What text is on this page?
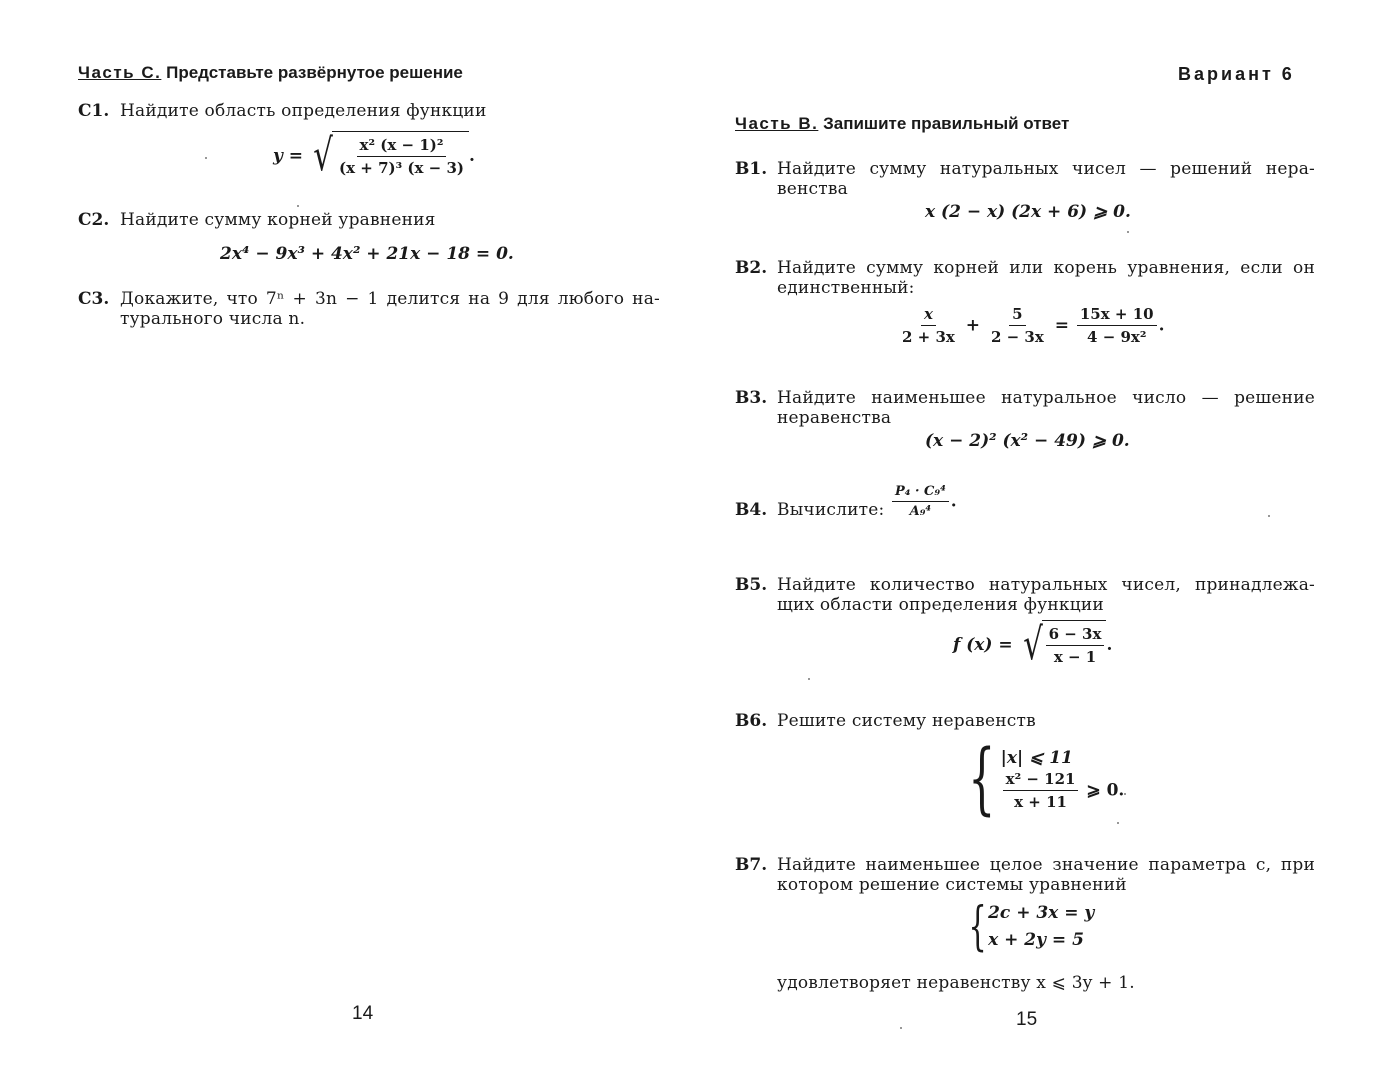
Часть С. Представьте развёрнутое решение
С1. Найдите область определения функции
y = √ $\frac{\text{x² (x − 1)²}}{\text{(x + 7)³ (x − 3)}}$ .
С2. Найдите сумму корней уравнения
2x⁴ − 9x³ + 4x² + 21x − 18 = 0.
С3. Докажите, что 7ⁿ + 3n − 1 делится на 9 для любого на-
турального числа n.
14
Вариант 6
Часть В. Запишите правильный ответ
В1. Найдите сумму натуральных чисел — решений нера-
венства
x (2 − x) (2x + 6) ⩾ 0.
В2. Найдите сумму корней или корень уравнения, если он
единственный:
$\frac{x}{2 + 3x} + \frac{5}{2 - 3x} = \frac{15x + 10}{\text{4 − 9x²}}$ .
В3. Найдите наименьшее натуральное число — решение
неравенства
(x − 2)² (x² − 49) ⩾ 0.
В4. Вычислите: $\frac{\text{P₄ · C₉⁴}}{\text{A₉⁴}}$ .
В5. Найдите количество натуральных чисел, принадлежа-
щих области определения функции
f (x) = √ $\frac{6 - 3x}{x - 1}$ .
В6. Решите систему неравенств
{ |x| ⩽ 11
$\frac{\text{x² − 121}}{x + 11}$ ⩾ 0.
В7. Найдите наименьшее целое значение параметра c, при
котором решение системы уравнений
{ 2c + 3x = y
x + 2y = 5
удовлетворяет неравенству x ⩽ 3y + 1.
15
